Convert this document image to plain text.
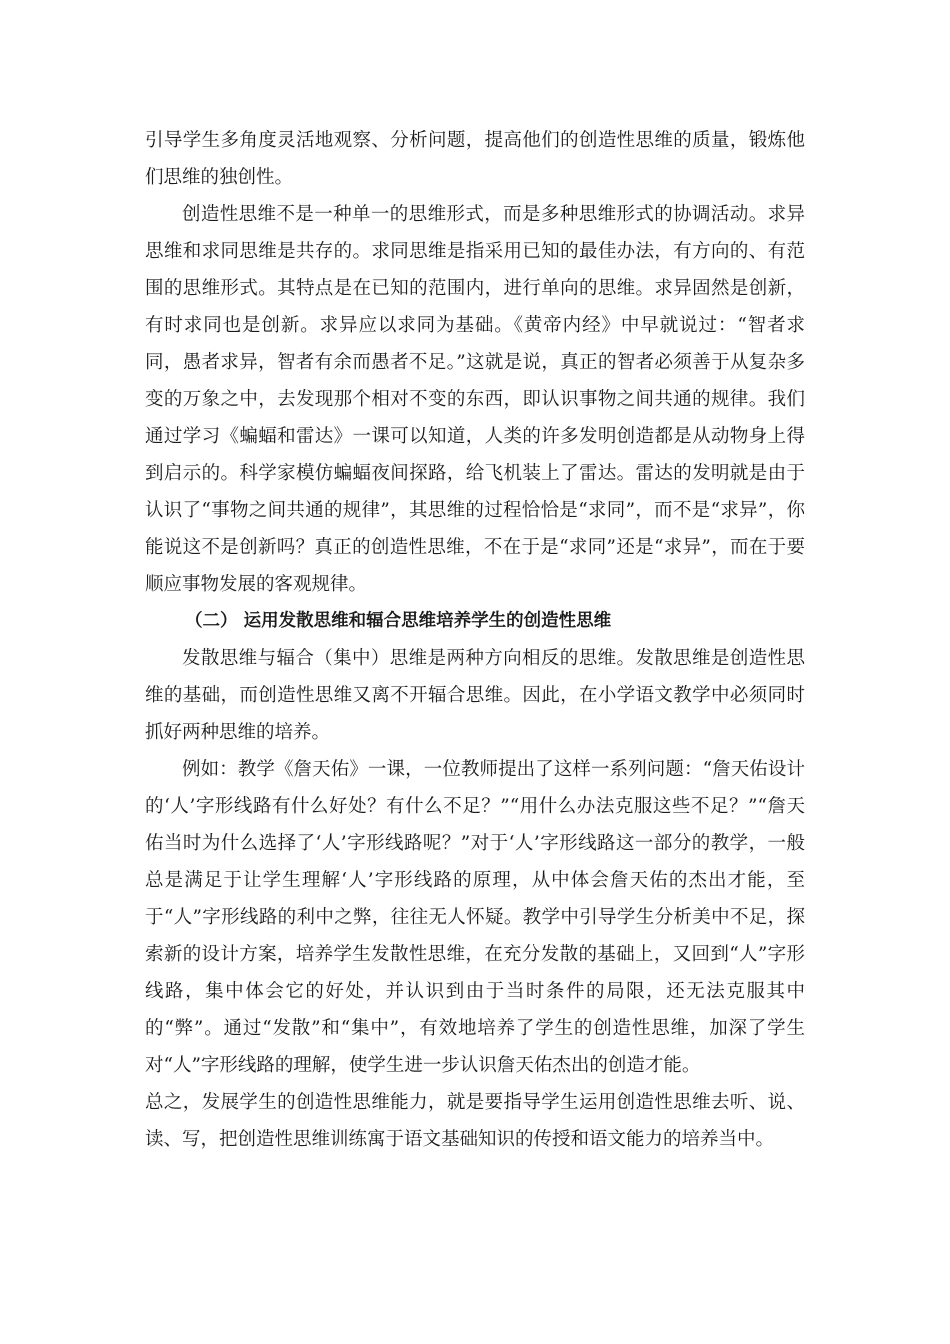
引导学生多角度灵活地观察、分析问题，提高他们的创造性思维的质量，锻炼他们思维的独创性。

创造性思维不是一种单一的思维形式，而是多种思维形式的协调活动。求异思维和求同思维是共存的。求同思维是指采用已知的最佳办法，有方向的、有范围的思维形式。其特点是在已知的范围内，进行单向的思维。求异固然是创新，有时求同也是创新。求异应以求同为基础。《黄帝内经》中早就说过：“智者求同，愚者求异，智者有余而愚者不足。”这就是说，真正的智者必须善于从复杂多变的万象之中，去发现那个相对不变的东西，即认识事物之间共通的规律。我们通过学习《蝙蝠和雷达》一课可以知道，人类的许多发明创造都是从动物身上得到启示的。科学家模仿蝙蝠夜间探路，给飞机装上了雷达。雷达的发明就是由于认识了“事物之间共通的规律”，其思维的过程恰恰是“求同”，而不是“求异”，你能说这不是创新吗？真正的创造性思维，不在于是“求同”还是“求异”，而在于要顺应事物发展的客观规律。

（二） 运用发散思维和辐合思维培养学生的创造性思维

发散思维与辐合（集中）思维是两种方向相反的思维。发散思维是创造性思维的基础，而创造性思维又离不开辐合思维。因此，在小学语文教学中必须同时抓好两种思维的培养。

例如：教学《詹天佑》一课，一位教师提出了这样一系列问题：“詹天佑设计的‘人’字形线路有什么好处？有什么不足？”“用什么办法克服这些不足？”“詹天佑当时为什么选择了‘人’字形线路呢？”对于‘人’字形线路这一部分的教学，一般总是满足于让学生理解‘人’字形线路的原理，从中体会詹天佑的杰出才能，至于“人”字形线路的利中之弊，往往无人怀疑。教学中引导学生分析美中不足，探索新的设计方案，培养学生发散性思维，在充分发散的基础上，又回到“人”字形线路，集中体会它的好处，并认识到由于当时条件的局限，还无法克服其中的“弊”。通过“发散”和“集中”，有效地培养了学生的创造性思维，加深了学生对“人”字形线路的理解，使学生进一步认识詹天佑杰出的创造才能。

总之，发展学生的创造性思维能力，就是要指导学生运用创造性思维去听、说、读、写，把创造性思维训练寓于语文基础知识的传授和语文能力的培养当中。
